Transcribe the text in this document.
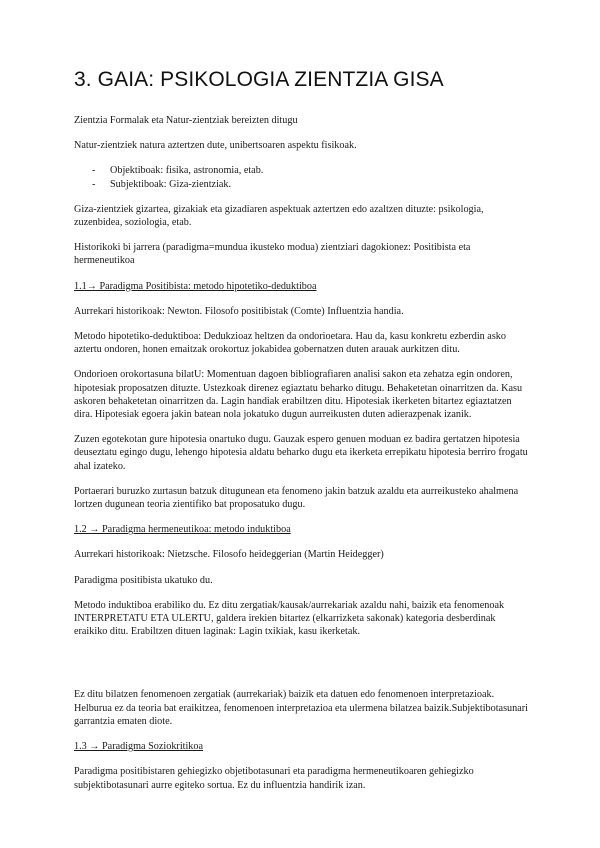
3. GAIA: PSIKOLOGIA ZIENTZIA GISA

Zientzia Formalak eta Natur-zientziak bereizten ditugu

Natur-zientziek natura aztertzen dute, unibertsoaren aspektu fisikoak.

- Objektiboak: fisika, astronomia, etab.
- Subjektiboak: Giza-zientziak.

Giza-zientziek gizartea, gizakiak eta gizadiaren aspektuak aztertzen edo azaltzen dituzte: psikologia, zuzenbidea, soziologia, etab.

Historikoki bi jarrera (paradigma=mundua ikusteko modua) zientziari dagokionez: Positibista eta hermeneutikoa

1.1→ Paradigma Positibista: metodo hipotetiko-deduktiboa

Aurrekari historikoak: Newton. Filosofo positibistak (Comte) Influentzia handia.

Metodo hipotetiko-deduktiboa: Dedukzioaz heltzen da ondorioetara. Hau da, kasu konkretu ezberdin asko aztertu ondoren, honen emaitzak orokortuz jokabidea gobernatzen duten arauak aurkitzen ditu.

Ondorioen orokortasuna bilatU: Momentuan dagoen bibliografiaren analisi sakon eta zehatza egin ondoren, hipotesiak proposatzen dituzte. Ustezkoak direnez egiaztatu beharko ditugu. Behaketetan oinarritzen da. Kasu askoren behaketetan oinarritzen da. Lagin handiak erabiltzen ditu. Hipotesiak ikerketen bitartez egiaztatzen dira. Hipotesiak egoera jakin batean nola jokatuko dugun aurreikusten duten adierazpenak izanik.

Zuzen egotekotan gure hipotesia onartuko dugu. Gauzak espero genuen moduan ez badira gertatzen hipotesia deuseztatu egingo dugu, lehengo hipotesia aldatu beharko dugu eta ikerketa errepikatu hipotesia berriro frogatu ahal izateko.

Portaerari buruzko zurtasun batzuk ditugunean eta fenomeno jakin batzuk azaldu eta aurreikusteko ahalmena lortzen dugunean teoria zientifiko bat proposatuko dugu.

1.2 → Paradigma hermeneutikoa: metodo induktiboa

Aurrekari historikoak: Nietzsche. Filosofo heideggerian (Martin Heidegger)

Paradigma positibista ukatuko du.

Metodo induktiboa erabiliko du. Ez ditu zergatiak/kausak/aurrekariak azaldu nahi, baizik eta fenomenoak INTERPRETATU ETA ULERTU, galdera irekien bitartez (elkarrizketa sakonak) kategoria desberdinak eraikiko ditu. Erabiltzen dituen laginak: Lagin txikiak, kasu ikerketak.

Ez ditu bilatzen fenomenoen zergatiak (aurrekariak) baizik eta datuen edo fenomenoen interpretazioak. Helburua ez da teoria bat eraikitzea, fenomenoen interpretazioa eta ulermena bilatzea baizik.Subjektibotasunari garrantzia ematen diote.

1.3 → Paradigma Soziokritikoa

Paradigma positibistaren gehiegizko objetibotasunari eta paradigma hermeneutikoaren gehiegizko subjektibotasunari aurre egiteko sortua. Ez du influentzia handirik izan.
